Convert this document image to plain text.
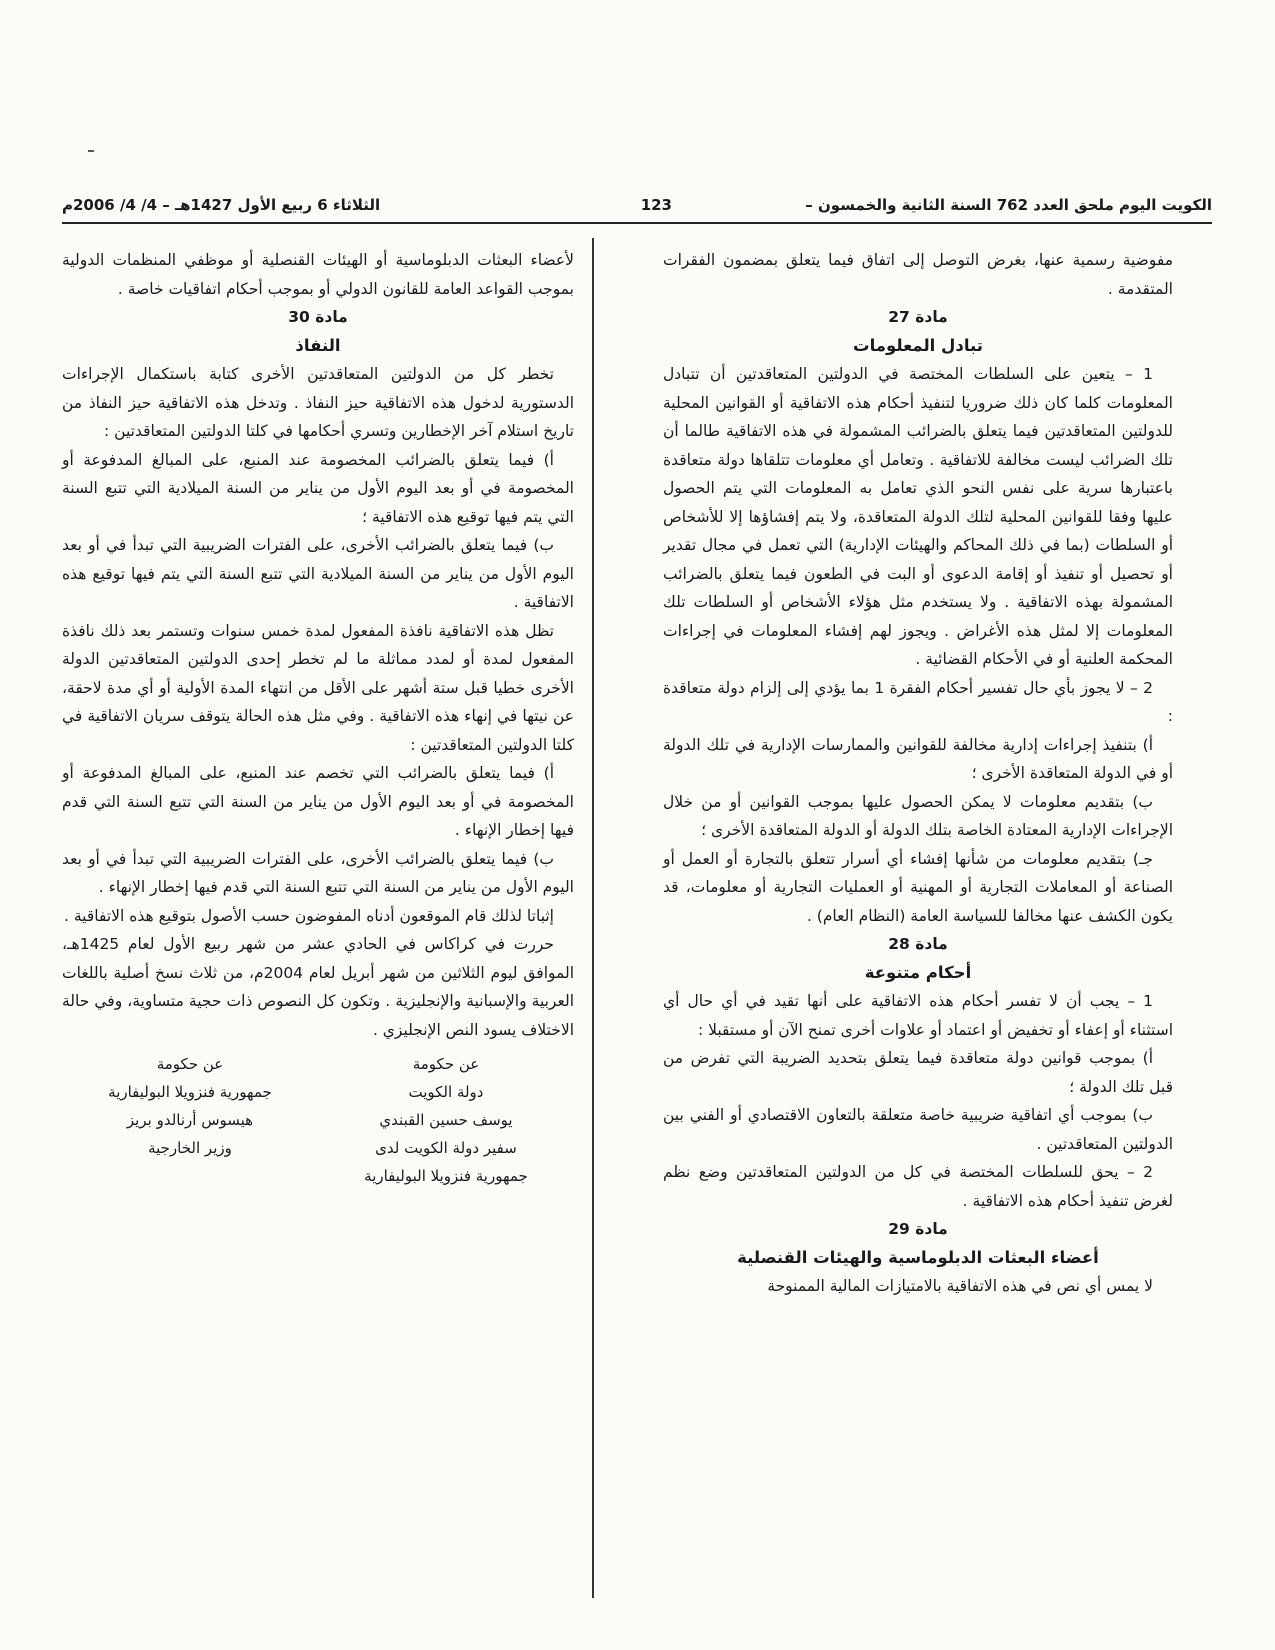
الكويت اليوم ملحق العدد 762 السنة الثانية والخمسون –
123
الثلاثاء 6 ربيع الأول 1427هـ – 4/ 4/ 2006م

مفوضية رسمية عنها، بغرض التوصل إلى اتفاق فيما يتعلق بمضمون الفقرات المتقدمة .

مادة 27

تبادل المعلومات

1 – يتعين على السلطات المختصة في الدولتين المتعاقدتين أن تتبادل المعلومات كلما كان ذلك ضروريا لتنفيذ أحكام هذه الاتفاقية أو القوانين المحلية للدولتين المتعاقدتين فيما يتعلق بالضرائب المشمولة في هذه الاتفاقية طالما أن تلك الضرائب ليست مخالفة للاتفاقية . وتعامل أي معلومات تتلقاها دولة متعاقدة باعتبارها سرية على نفس النحو الذي تعامل به المعلومات التي يتم الحصول عليها وفقا للقوانين المحلية لتلك الدولة المتعاقدة، ولا يتم إفشاؤها إلا للأشخاص أو السلطات (بما في ذلك المحاكم والهيئات الإدارية) التي تعمل في مجال تقدير أو تحصيل أو تنفيذ أو إقامة الدعوى أو البت في الطعون فيما يتعلق بالضرائب المشمولة بهذه الاتفاقية . ولا يستخدم مثل هؤلاء الأشخاص أو السلطات تلك المعلومات إلا لمثل هذه الأغراض . ويجوز لهم إفشاء المعلومات في إجراءات المحكمة العلنية أو في الأحكام القضائية .

2 – لا يجوز بأي حال تفسير أحكام الفقرة 1 بما يؤدي إلى إلزام دولة متعاقدة :

أ) بتنفيذ إجراءات إدارية مخالفة للقوانين والممارسات الإدارية في تلك الدولة أو في الدولة المتعاقدة الأخرى ؛

ب) بتقديم معلومات لا يمكن الحصول عليها بموجب القوانين أو من خلال الإجراءات الإدارية المعتادة الخاصة بتلك الدولة أو الدولة المتعاقدة الأخرى ؛

جـ) بتقديم معلومات من شأنها إفشاء أي أسرار تتعلق بالتجارة أو العمل أو الصناعة أو المعاملات التجارية أو المهنية أو العمليات التجارية أو معلومات، قد يكون الكشف عنها مخالفا للسياسة العامة (النظام العام) .

مادة 28

أحكام متنوعة

1 – يجب أن لا تفسر أحكام هذه الاتفاقية على أنها تقيد في أي حال أي استثناء أو إعفاء أو تخفيض أو اعتماد أو علاوات أخرى تمنح الآن أو مستقبلا :

أ) بموجب قوانين دولة متعاقدة فيما يتعلق بتحديد الضريبة التي تفرض من قبل تلك الدولة ؛

ب) بموجب أي اتفاقية ضريبية خاصة متعلقة بالتعاون الاقتصادي أو الفني بين الدولتين المتعاقدتين .

2 – يحق للسلطات المختصة في كل من الدولتين المتعاقدتين وضع نظم لغرض تنفيذ أحكام هذه الاتفاقية .

مادة 29

أعضاء البعثات الدبلوماسية والهيئات القنصلية

لا يمس أي نص في هذه الاتفاقية بالامتيازات المالية الممنوحة

لأعضاء البعثات الدبلوماسية أو الهيئات القنصلية أو موظفي المنظمات الدولية بموجب القواعد العامة للقانون الدولي أو بموجب أحكام اتفاقيات خاصة .

مادة 30

النفاذ

تخطر كل من الدولتين المتعاقدتين الأخرى كتابة باستكمال الإجراءات الدستورية لدخول هذه الاتفاقية حيز النفاذ . وتدخل هذه الاتفاقية حيز النفاذ من تاريخ استلام آخر الإخطارين وتسري أحكامها في كلتا الدولتين المتعاقدتين :

أ) فيما يتعلق بالضرائب المخصومة عند المنبع، على المبالغ المدفوعة أو المخصومة في أو بعد اليوم الأول من يناير من السنة الميلادية التي تتبع السنة التي يتم فيها توقيع هذه الاتفاقية ؛

ب) فيما يتعلق بالضرائب الأخرى، على الفترات الضريبية التي تبدأ في أو بعد اليوم الأول من يناير من السنة الميلادية التي تتبع السنة التي يتم فيها توقيع هذه الاتفاقية .

تظل هذه الاتفاقية نافذة المفعول لمدة خمس سنوات وتستمر بعد ذلك نافذة المفعول لمدة أو لمدد مماثلة ما لم تخطر إحدى الدولتين المتعاقدتين الدولة الأخرى خطيا قبل ستة أشهر على الأقل من انتهاء المدة الأولية أو أي مدة لاحقة، عن نيتها في إنهاء هذه الاتفاقية . وفي مثل هذه الحالة يتوقف سريان الاتفاقية في كلتا الدولتين المتعاقدتين :

أ) فيما يتعلق بالضرائب التي تخصم عند المنبع، على المبالغ المدفوعة أو المخصومة في أو بعد اليوم الأول من يناير من السنة التي تتبع السنة التي قدم فيها إخطار الإنهاء .

ب) فيما يتعلق بالضرائب الأخرى، على الفترات الضريبية التي تبدأ في أو بعد اليوم الأول من يناير من السنة التي تتبع السنة التي قدم فيها إخطار الإنهاء .

إثباتا لذلك قام الموقعون أدناه المفوضون حسب الأصول بتوقيع هذه الاتفاقية .

حررت في كراكاس في الحادي عشر من شهر ربيع الأول لعام 1425هـ، الموافق ليوم الثلاثين من شهر أبريل لعام 2004م، من ثلاث نسخ أصلية باللغات العربية والإسبانية والإنجليزية . وتكون كل النصوص ذات حجية متساوية، وفي حالة الاختلاف يسود النص الإنجليزي .

عن حكومة
دولة الكويت
يوسف حسين القبندي
سفير دولة الكويت لدى
جمهورية فنزويلا البوليفارية
عن حكومة
جمهورية فنزويلا البوليفارية
هيسوس أرنالدو بريز
وزير الخارجية
